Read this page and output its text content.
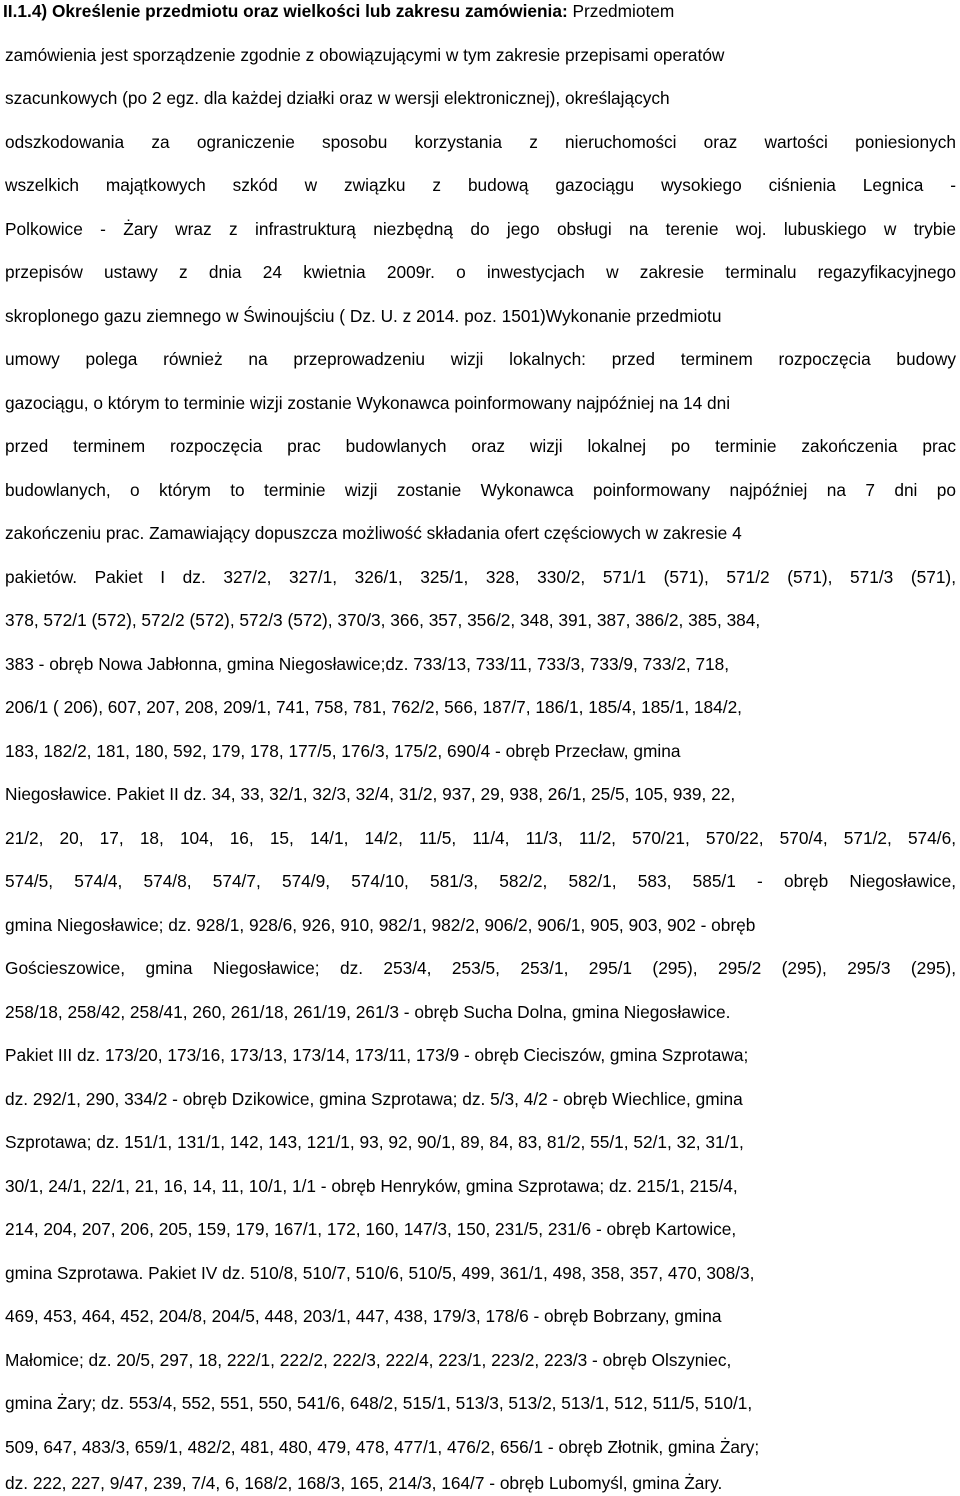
II.1.4) Określenie przedmiotu oraz wielkości lub zakresu zamówienia: Przedmiotem

zamówienia jest sporządzenie zgodnie z obowiązującymi w tym zakresie przepisami operatów

szacunkowych (po 2 egz. dla każdej działki oraz w wersji elektronicznej), określających

odszkodowania za ograniczenie sposobu korzystania z nieruchomości oraz wartości poniesionych

wszelkich majątkowych szkód w związku z budową gazociągu wysokiego ciśnienia Legnica -

Polkowice - Żary wraz z infrastrukturą niezbędną do jego obsługi na terenie woj. lubuskiego w trybie

przepisów ustawy z dnia 24 kwietnia 2009r. o inwestycjach w zakresie terminalu regazyfikacyjnego

skroplonego gazu ziemnego w Świnoujściu ( Dz. U. z 2014. poz. 1501)Wykonanie przedmiotu

umowy polega również na przeprowadzeniu wizji lokalnych: przed terminem rozpoczęcia budowy

gazociągu, o którym to terminie wizji zostanie Wykonawca poinformowany najpóźniej na 14 dni

przed terminem rozpoczęcia prac budowlanych oraz wizji lokalnej po terminie zakończenia prac

budowlanych, o którym to terminie wizji zostanie Wykonawca poinformowany najpóźniej na 7 dni po

zakończeniu prac. Zamawiający dopuszcza możliwość składania ofert częściowych w zakresie 4

pakietów. Pakiet I dz. 327/2, 327/1, 326/1, 325/1, 328, 330/2, 571/1 (571), 571/2 (571), 571/3 (571),

378, 572/1 (572), 572/2 (572), 572/3 (572), 370/3, 366, 357, 356/2, 348, 391, 387, 386/2, 385, 384,

383 - obręb Nowa Jabłonna, gmina Niegosławice;dz. 733/13, 733/11, 733/3, 733/9, 733/2, 718,

206/1 ( 206), 607, 207, 208, 209/1, 741, 758, 781, 762/2, 566, 187/7, 186/1, 185/4, 185/1, 184/2,

183, 182/2, 181, 180, 592, 179, 178, 177/5, 176/3, 175/2, 690/4 - obręb Przecław, gmina

Niegosławice. Pakiet II dz. 34, 33, 32/1, 32/3, 32/4, 31/2, 937, 29, 938, 26/1, 25/5, 105, 939, 22,

21/2, 20, 17, 18, 104, 16, 15, 14/1, 14/2, 11/5, 11/4, 11/3, 11/2, 570/21, 570/22, 570/4, 571/2, 574/6,

574/5, 574/4, 574/8, 574/7, 574/9, 574/10, 581/3, 582/2, 582/1, 583, 585/1 - obręb Niegosławice,

gmina Niegosławice; dz. 928/1, 928/6, 926, 910, 982/1, 982/2, 906/2, 906/1, 905, 903, 902 - obręb

Gościeszowice, gmina Niegosławice; dz. 253/4, 253/5, 253/1, 295/1 (295), 295/2 (295), 295/3 (295),

258/18, 258/42, 258/41, 260, 261/18, 261/19, 261/3 - obręb Sucha Dolna, gmina Niegosławice.

Pakiet III dz. 173/20, 173/16, 173/13, 173/14, 173/11, 173/9 - obręb Cieciszów, gmina Szprotawa;

dz. 292/1, 290, 334/2 - obręb Dzikowice, gmina Szprotawa; dz. 5/3, 4/2 - obręb Wiechlice, gmina

Szprotawa; dz. 151/1, 131/1, 142, 143, 121/1, 93, 92, 90/1, 89, 84, 83, 81/2, 55/1, 52/1, 32, 31/1,

30/1, 24/1, 22/1, 21, 16, 14, 11, 10/1, 1/1 - obręb Henryków, gmina Szprotawa; dz. 215/1, 215/4,

214, 204, 207, 206, 205, 159, 179, 167/1, 172, 160, 147/3, 150, 231/5, 231/6 - obręb Kartowice,

gmina Szprotawa. Pakiet IV dz. 510/8, 510/7, 510/6, 510/5, 499, 361/1, 498, 358, 357, 470, 308/3,

469, 453, 464, 452, 204/8, 204/5, 448, 203/1, 447, 438, 179/3, 178/6 - obręb Bobrzany, gmina

Małomice; dz. 20/5, 297, 18, 222/1, 222/2, 222/3, 222/4, 223/1, 223/2, 223/3 - obręb Olszyniec,

gmina Żary; dz. 553/4, 552, 551, 550, 541/6, 648/2, 515/1, 513/3, 513/2, 513/1, 512, 511/5, 510/1,

509, 647, 483/3, 659/1, 482/2, 481, 480, 479, 478, 477/1, 476/2, 656/1 - obręb Złotnik, gmina Żary;

dz. 222, 227, 9/47, 239, 7/4, 6, 168/2, 168/3, 165, 214/3, 164/7 - obręb Lubomyśl, gmina Żary.
